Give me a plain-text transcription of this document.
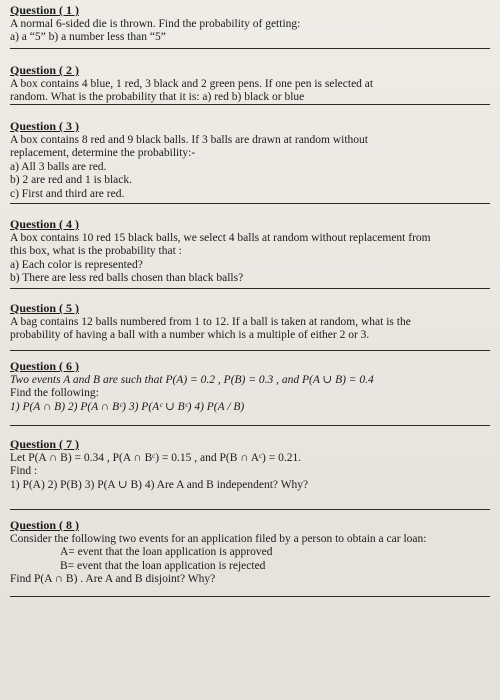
Question ( 1 )
A normal 6-sided die is thrown. Find the probability of getting:
a) a “5” b) a number less than “5”
Question ( 2 )
A box contains 4 blue, 1 red, 3 black and 2 green pens. If one pen is selected at
random. What is the probability that it is: a) red b) black or blue
Question ( 3 )
A box contains 8 red and 9 black balls. If 3 balls are drawn at random without
replacement, determine the probability:-
a) All 3 balls are red.
b) 2 are red and 1 is black.
c) First and third are red.
Question ( 4 )
A box contains 10 red 15 black balls, we select 4 balls at random without replacement from
this box, what is the probability that :
a) Each color is represented?
b) There are less red balls chosen than black balls?
Question ( 5 )
A bag contains 12 balls numbered from 1 to 12. If a ball is taken at random, what is the
probability of having a ball with a number which is a multiple of either 2 or 3.
Question ( 6 )
Two events A and B are such that P(A) = 0.2 , P(B) = 0.3 , and P(A ∪ B) = 0.4
Find the following:
1) P(A ∩ B) 2) P(A ∩ Bᶜ) 3) P(Aᶜ ∪ Bᶜ) 4) P(A / B)
Question ( 7 )
Let P(A ∩ B) = 0.34 , P(A ∩ Bᶜ) = 0.15 , and P(B ∩ Aᶜ) = 0.21.
Find :
1) P(A) 2) P(B) 3) P(A ∪ B) 4) Are A and B independent? Why?
Question ( 8 )
Consider the following two events for an application filed by a person to obtain a car loan:
A= event that the loan application is approved
B= event that the loan application is rejected
Find P(A ∩ B) . Are A and B disjoint? Why?
